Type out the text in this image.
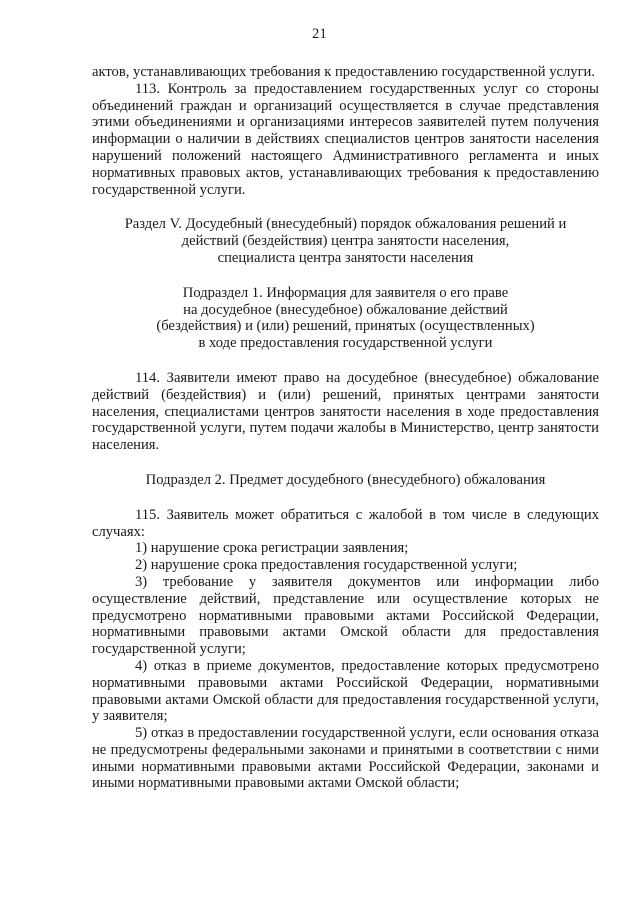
21

актов, устанавливающих требования к предоставлению государственной услуги.

113. Контроль за предоставлением государственных услуг со стороны объединений граждан и организаций осуществляется в случае представления этими объединениями и организациями интересов заявителей путем получения информации о наличии в действиях специалистов центров занятости населения нарушений положений настоящего Административного регламента и иных нормативных правовых актов, устанавливающих требования к предоставлению государственной услуги.

Раздел V. Досудебный (внесудебный) порядок обжалования решений и

действий (бездействия) центра занятости населения,

специалиста центра занятости населения

Подраздел 1. Информация для заявителя о его праве

на досудебное (внесудебное) обжалование действий

(бездействия) и (или) решений, принятых (осуществленных)

в ходе предоставления государственной услуги

114. Заявители имеют право на досудебное (внесудебное) обжалование действий (бездействия) и (или) решений, принятых центрами занятости населения, специалистами центров занятости населения в ходе предоставления государственной услуги, путем подачи жалобы в Министерство, центр занятости населения.

Подраздел 2. Предмет досудебного (внесудебного) обжалования

115. Заявитель может обратиться с жалобой в том числе в следующих случаях:

1) нарушение срока регистрации заявления;

2) нарушение срока предоставления государственной услуги;

3) требование у заявителя документов или информации либо осуществление действий, представление или осуществление которых не предусмотрено нормативными правовыми актами Российской Федерации, нормативными правовыми актами Омской области для предоставления государственной услуги;

4) отказ в приеме документов, предоставление которых предусмотрено нормативными правовыми актами Российской Федерации, нормативными правовыми актами Омской области для предоставления государственной услуги, у заявителя;

5) отказ в предоставлении государственной услуги, если основания отказа не предусмотрены федеральными законами и принятыми в соответствии с ними иными нормативными правовыми актами Российской Федерации, законами и иными нормативными правовыми актами Омской области;
